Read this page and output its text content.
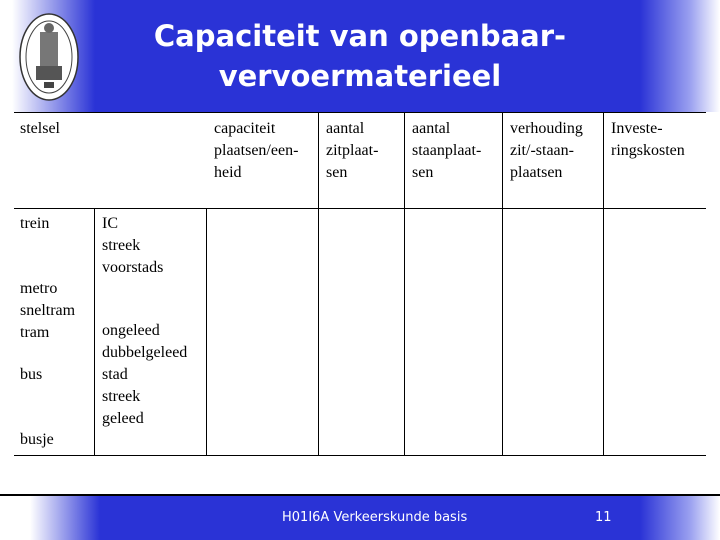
Capaciteit van openbaar-
vervoermaterieel
stelsel	capaciteit
plaatsen/een-
heid
aantal
zitplaat-
sen
aantal
staanplaat-
sen
verhouding
zit/-staan-
plaatsen
Investe-
ringskosten
trein
metro
sneltram
tram
bus
busje
IC
streek
voorstads
ongeleed
dubbelgeleed
stad
streek
geleed
H01I6A Verkeerskunde basis	11
